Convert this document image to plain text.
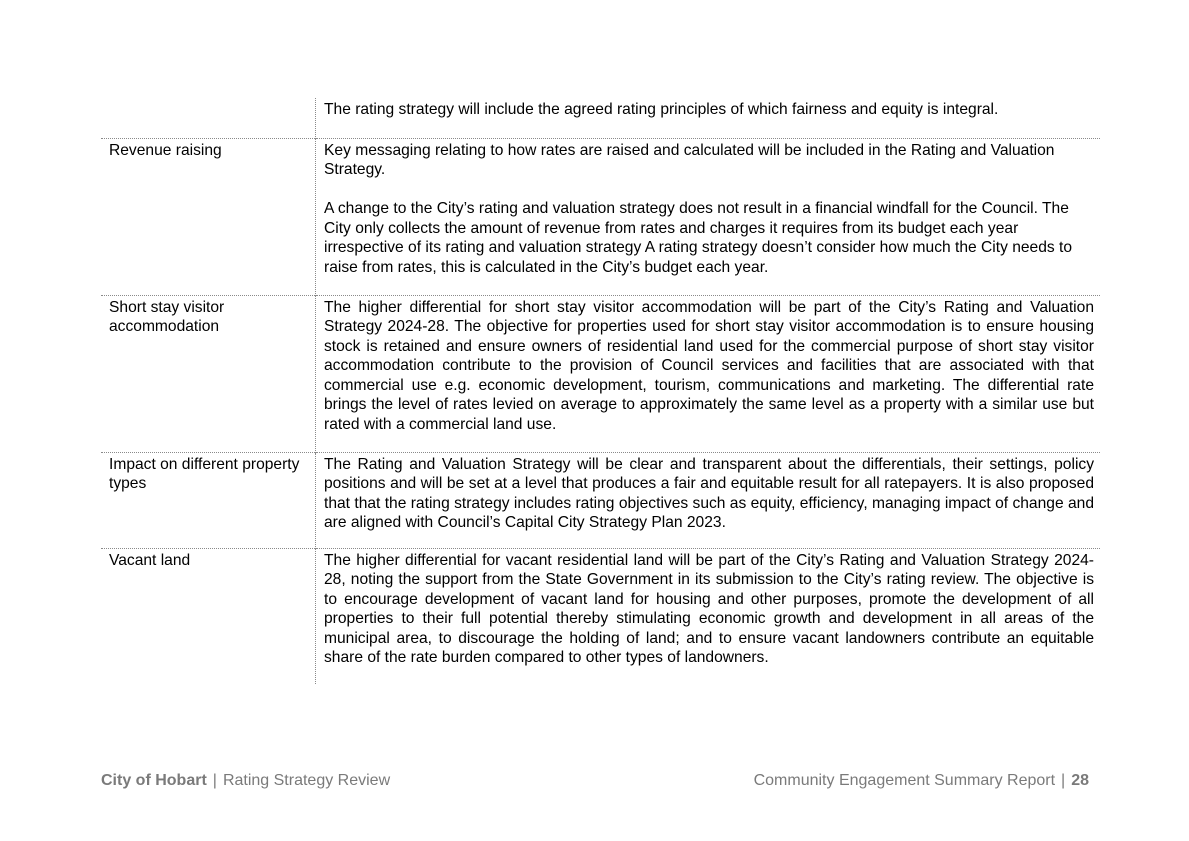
	The rating strategy will include the agreed rating principles of which fairness and equity is integral.

Revenue raising	Key messaging relating to how rates are raised and calculated will be included in the Rating and Valuation Strategy.

A change to the City’s rating and valuation strategy does not result in a financial windfall for the Council. The City only collects the amount of revenue from rates and charges it requires from its budget each year irrespective of its rating and valuation strategy A rating strategy doesn’t consider how much the City needs to raise from rates, this is calculated in the City’s budget each year.

Short stay visitor accommodation	The higher differential for short stay visitor accommodation will be part of the City’s Rating and Valuation Strategy 2024-28. The objective for properties used for short stay visitor accommodation is to ensure housing stock is retained and ensure owners of residential land used for the commercial purpose of short stay visitor accommodation contribute to the provision of Council services and facilities that are associated with that commercial use e.g. economic development, tourism, communications and marketing. The differential rate brings the level of rates levied on average to approximately the same level as a property with a similar use but rated with a commercial land use.

Impact on different property types	The Rating and Valuation Strategy will be clear and transparent about the differentials, their settings, policy positions and will be set at a level that produces a fair and equitable result for all ratepayers. It is also proposed that that the rating strategy includes rating objectives such as equity, efficiency, managing impact of change and are aligned with Council’s Capital City Strategy Plan 2023.

Vacant land	The higher differential for vacant residential land will be part of the City’s Rating and Valuation Strategy 2024-28, noting the support from the State Government in its submission to the City’s rating review. The objective is to encourage development of vacant land for housing and other purposes, promote the development of all properties to their full potential thereby stimulating economic growth and development in all areas of the municipal area, to discourage the holding of land; and to ensure vacant landowners contribute an equitable share of the rate burden compared to other types of landowners.

City of Hobart | Rating Strategy Review	Community Engagement Summary Report | 28
